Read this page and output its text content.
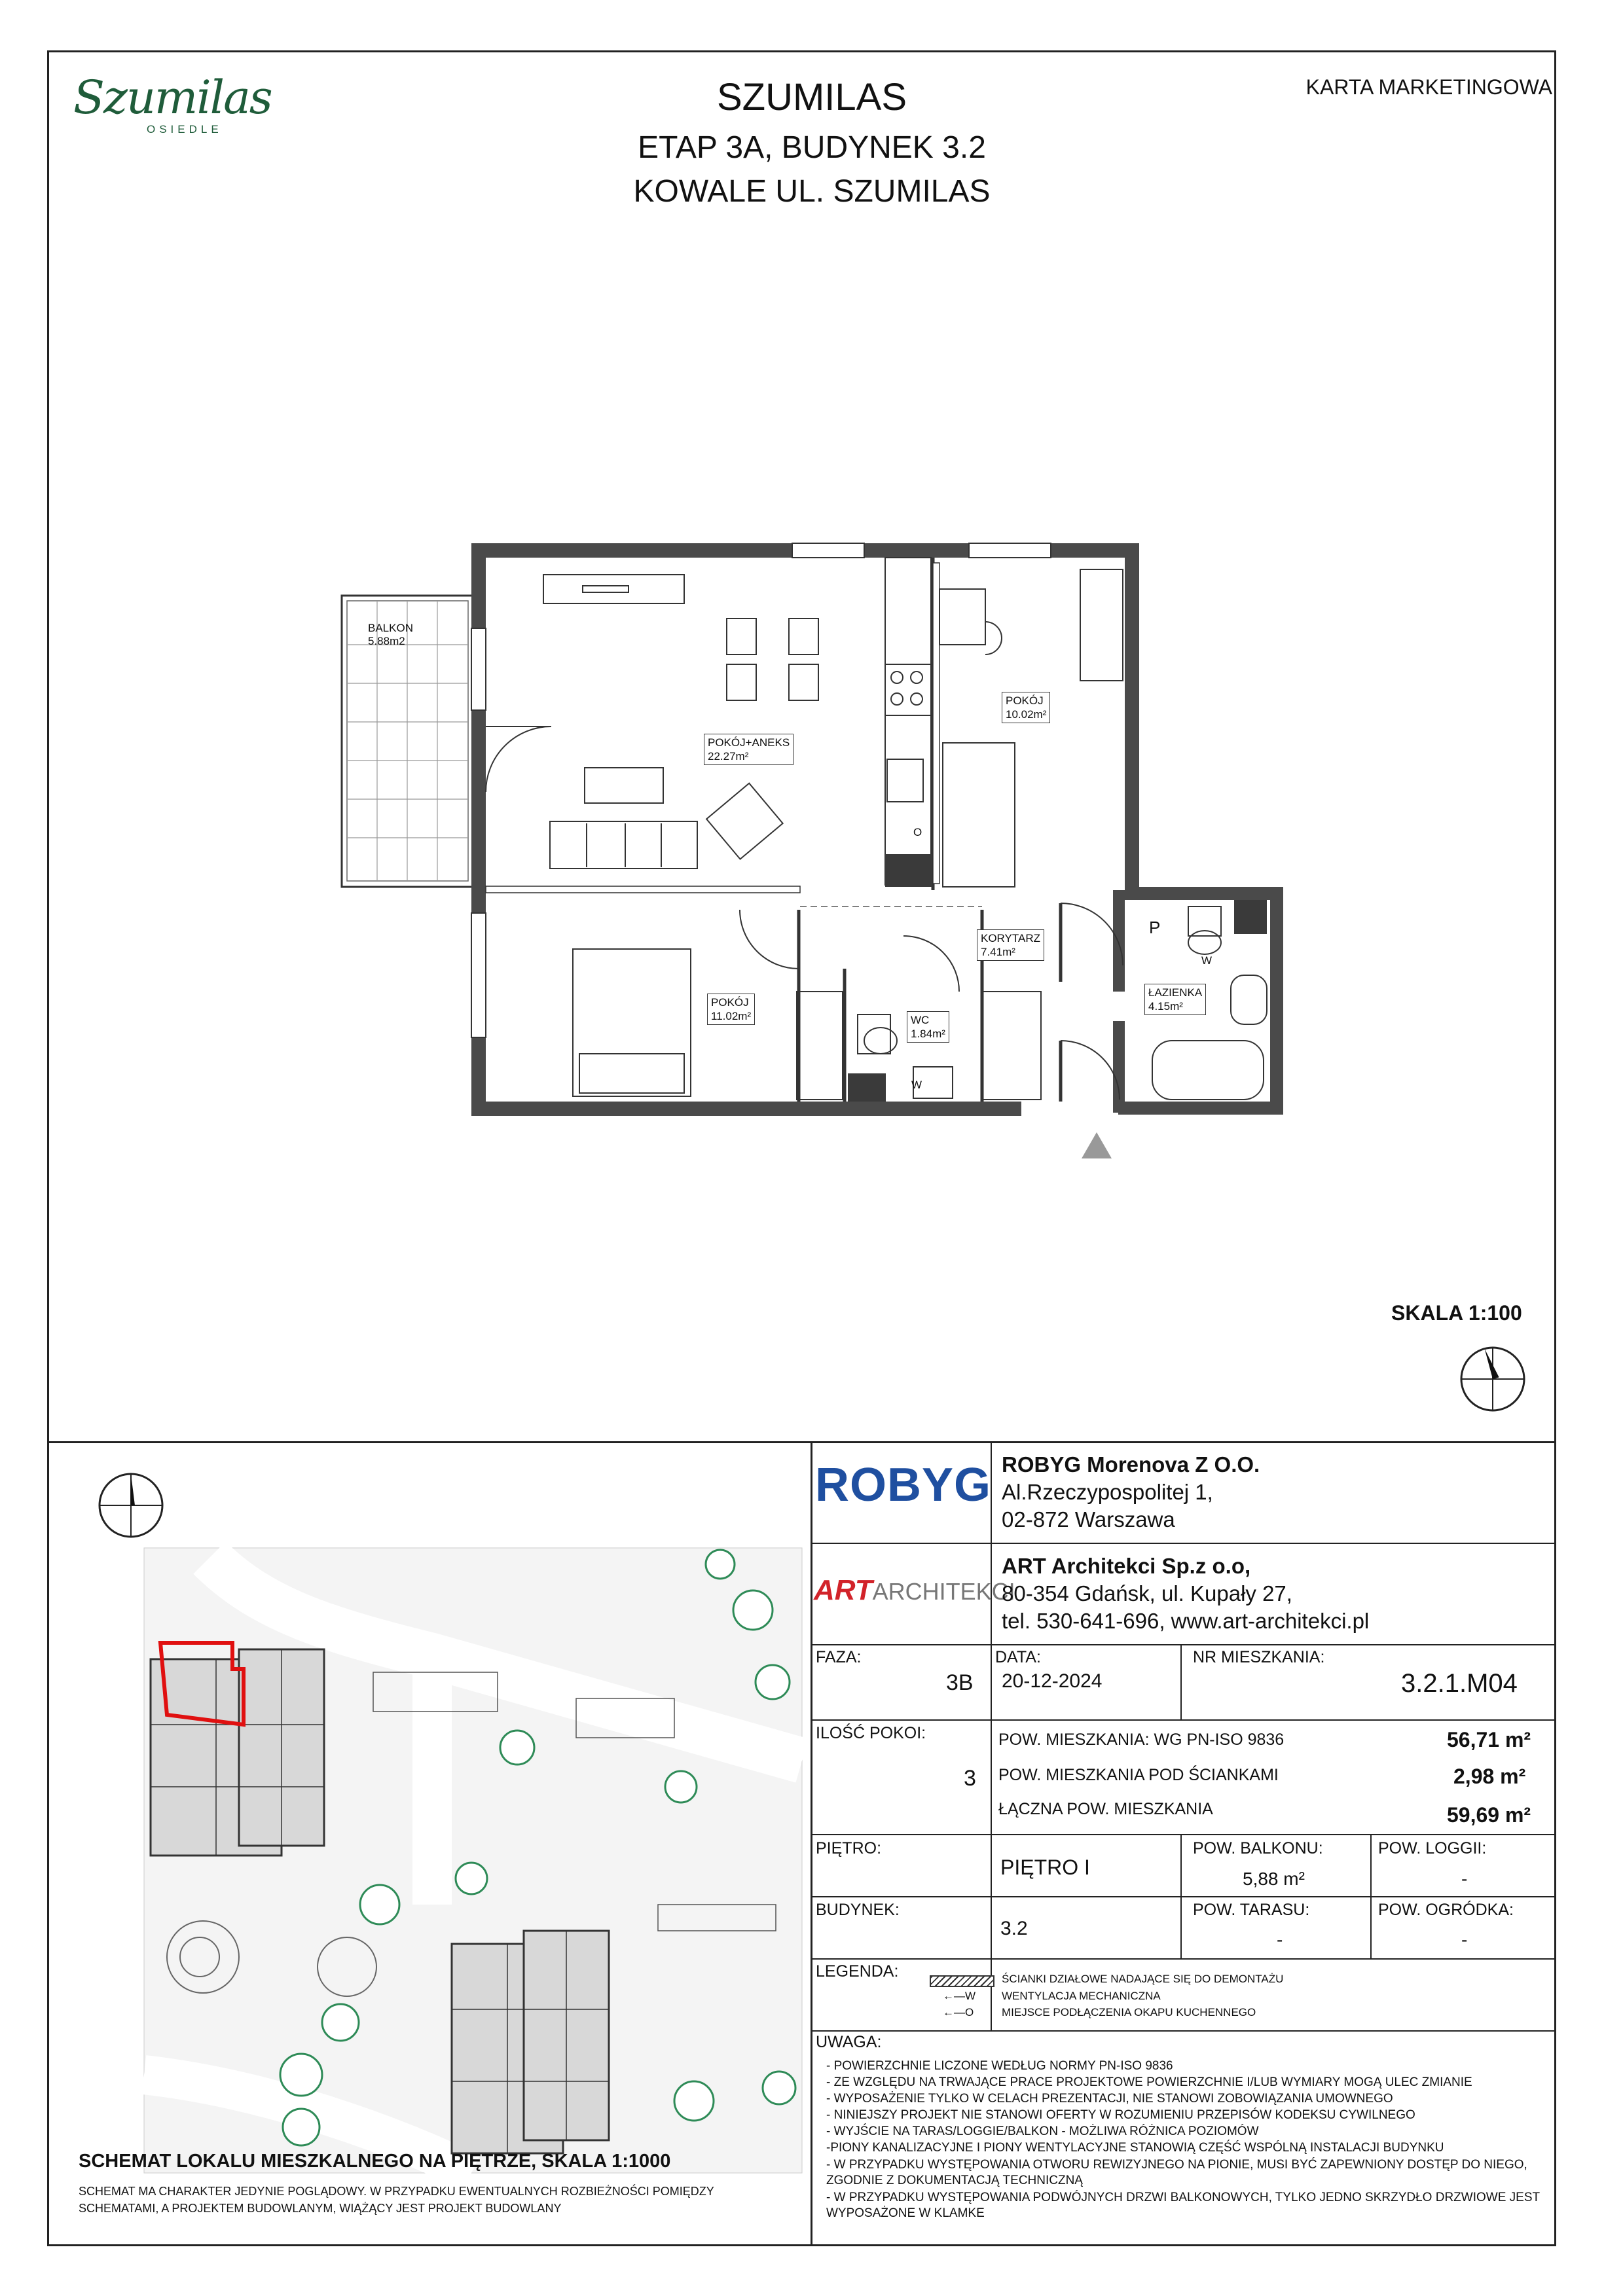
Szumilas
OSIEDLE
SZUMILAS
ETAP 3A, BUDYNEK 3.2
KOWALE UL. SZUMILAS
KARTA MARKETINGOWA
BALKON
5.88m2
POKÓJ+ANEKS
22.27m²
POKÓJ
10.02m²
KORYTARZ
7.41m²
POKÓJ
11.02m²	WC
1.84m²
ŁAZIENKA
4.15m²
P
W
W
O
SKALA 1:100
SCHEMAT LOKALU MIESZKALNEGO NA PIĘTRZE, SKALA 1:1000
SCHEMAT MA CHARAKTER JEDYNIE POGLĄDOWY. W PRZYPADKU EWENTUALNYCH ROZBIEŻNOŚCI POMIĘDZY
SCHEMATAMI, A PROJEKTEM BUDOWLANYM, WIĄŻĄCY JEST PROJEKT BUDOWLANY
ROBYG ROBYG Morenova Z O.O.
Al.Rzeczypospolitej 1,
02-872 Warszawa
ARTARCHITEKCI
ART Architekci Sp.z o.o,
80-354 Gdańsk, ul. Kupały 27,
tel. 530-641-696, www.art-architekci.pl
FAZA:
3B
DATA:
20-12-2024
NR MIESZKANIA:
3.2.1.M04
ILOŚĆ POKOI:
3
POW. MIESZKANIA: WG PN-ISO 9836	56,71 m²
POW. MIESZKANIA POD ŚCIANKAMI	2,98 m²
ŁĄCZNA POW. MIESZKANIA	59,69 m²
PIĘTRO:
PIĘTRO I
POW. BALKONU:
5,88 m²
POW. LOGGII:
-
BUDYNEK:
3.2
POW. TARASU:
-
POW. OGRÓDKA:
-
LEGENDA:	ŚCIANKI DZIAŁOWE NADAJĄCE SIĘ DO DEMONTAŻU
←—W WENTYLACJA MECHANICZNA
←—O	MIEJSCE PODŁĄCZENIA OKAPU KUCHENNEGO
UWAGA:
- POWIERZCHNIE LICZONE WEDŁUG NORMY PN-ISO 9836
- ZE WZGLĘDU NA TRWAJĄCE PRACE PROJEKTOWE POWIERZCHNIE I/LUB WYMIARY MOGĄ ULEC ZMIANIE
- WYPOSAŻENIE TYLKO W CELACH PREZENTACJI, NIE STANOWI ZOBOWIĄZANIA UMOWNEGO
- NINIEJSZY PROJEKT NIE STANOWI OFERTY W ROZUMIENIU PRZEPISÓW KODEKSU CYWILNEGO
- WYJŚCIE NA TARAS/LOGGIE/BALKON - MOŻLIWA RÓŻNICA POZIOMÓW
-PIONY KANALIZACYJNE I PIONY WENTYLACYJNE STANOWIĄ CZĘŚĆ WSPÓLNĄ INSTALACJI BUDYNKU
- W PRZYPADKU WYSTĘPOWANIA OTWORU REWIZYJNEGO NA PIONIE, MUSI BYĆ ZAPEWNIONY DOSTĘP DO NIEGO,
ZGODNIE Z DOKUMENTACJĄ TECHNICZNĄ
- W PRZYPADKU WYSTĘPOWANIA PODWÓJNYCH DRZWI BALKONOWYCH, TYLKO JEDNO SKRZYDŁO DRZWIOWE JEST
WYPOSAŻONE W KLAMKE
